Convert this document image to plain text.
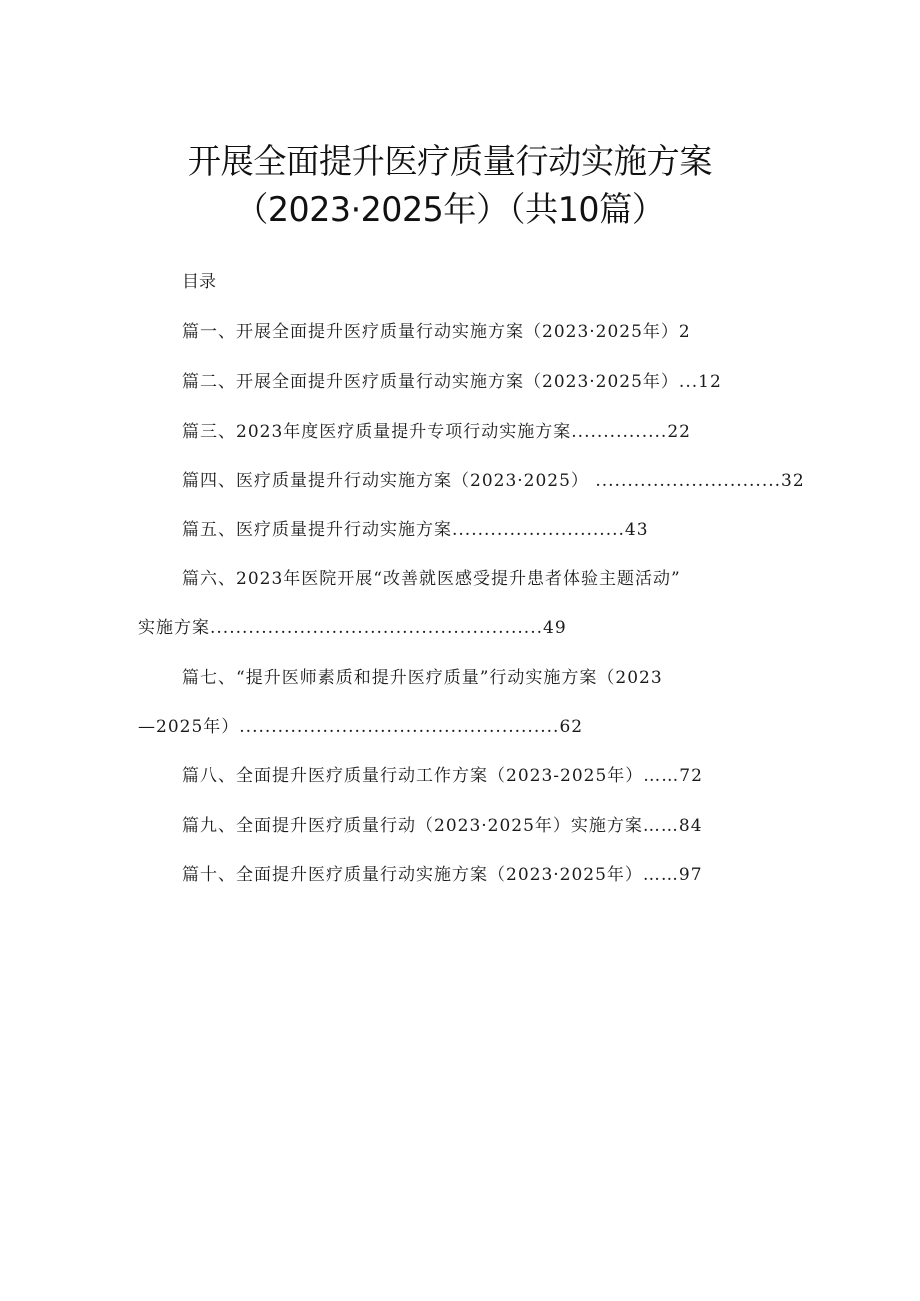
开展全面提升医疗质量行动实施方案
（2023·2025年）（共10篇）
目录
篇一、开展全面提升医疗质量行动实施方案（2023·2025年）2
篇二、开展全面提升医疗质量行动实施方案（2023·2025年）...12
篇三、2023年度医疗质量提升专项行动实施方案...............22
篇四、医疗质量提升行动实施方案（2023·2025） .............................32
篇五、医疗质量提升行动实施方案...........................43
篇六、2023年医院开展“改善就医感受提升患者体验主题活动”
实施方案....................................................49
篇七、“提升医师素质和提升医疗质量”行动实施方案（2023
—2025年）..................................................62
篇八、全面提升医疗质量行动工作方案（2023-2025年）……72
篇九、全面提升医疗质量行动（2023·2025年）实施方案……84
篇十、全面提升医疗质量行动实施方案（2023·2025年）……97
